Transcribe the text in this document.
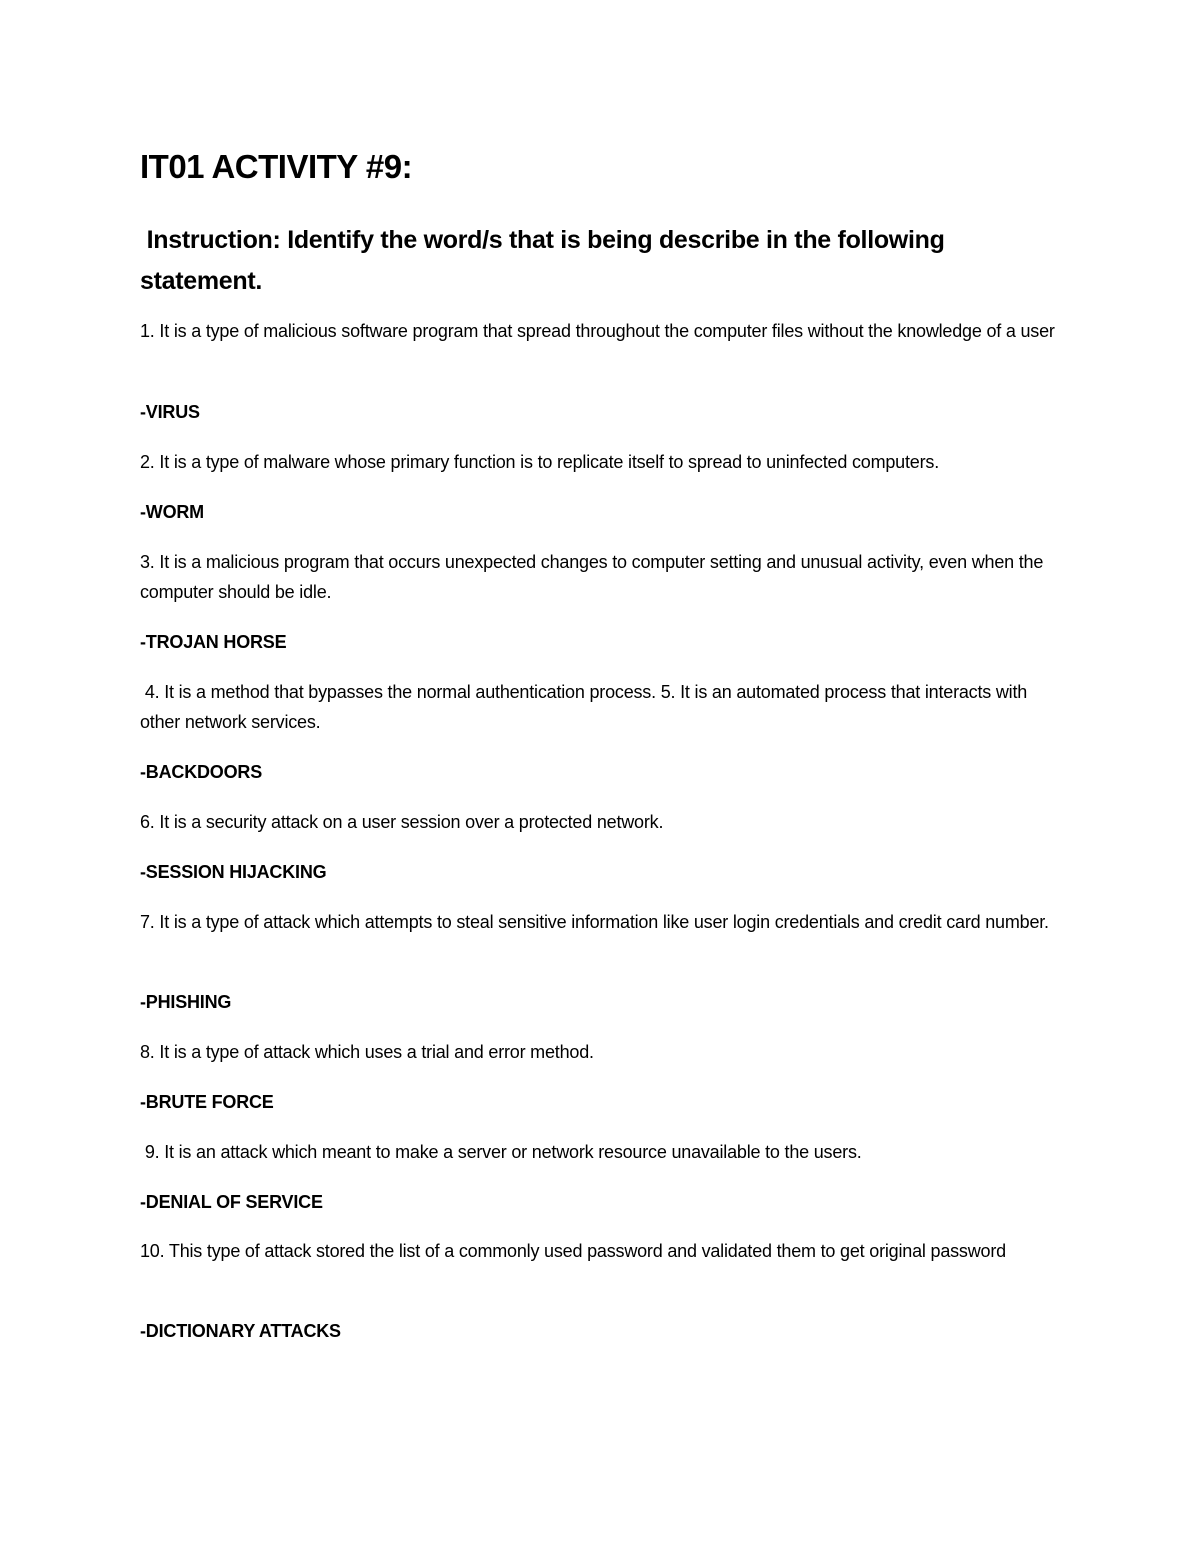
IT01 ACTIVITY #9:

Instruction: Identify the word/s that is being describe in the following statement.

1. It is a type of malicious software program that spread throughout the computer files without the knowledge of a user

-VIRUS

2. It is a type of malware whose primary function is to replicate itself to spread to uninfected computers.

-WORM

3. It is a malicious program that occurs unexpected changes to computer setting and unusual activity, even when the computer should be idle.

-TROJAN HORSE

4. It is a method that bypasses the normal authentication process. 5. It is an automated process that interacts with other network services.

-BACKDOORS

6. It is a security attack on a user session over a protected network.

-SESSION HIJACKING

7. It is a type of attack which attempts to steal sensitive information like user login credentials and credit card number.

-PHISHING

8. It is a type of attack which uses a trial and error method.

-BRUTE FORCE

9. It is an attack which meant to make a server or network resource unavailable to the users.

-DENIAL OF SERVICE

10. This type of attack stored the list of a commonly used password and validated them to get original password

-DICTIONARY ATTACKS
